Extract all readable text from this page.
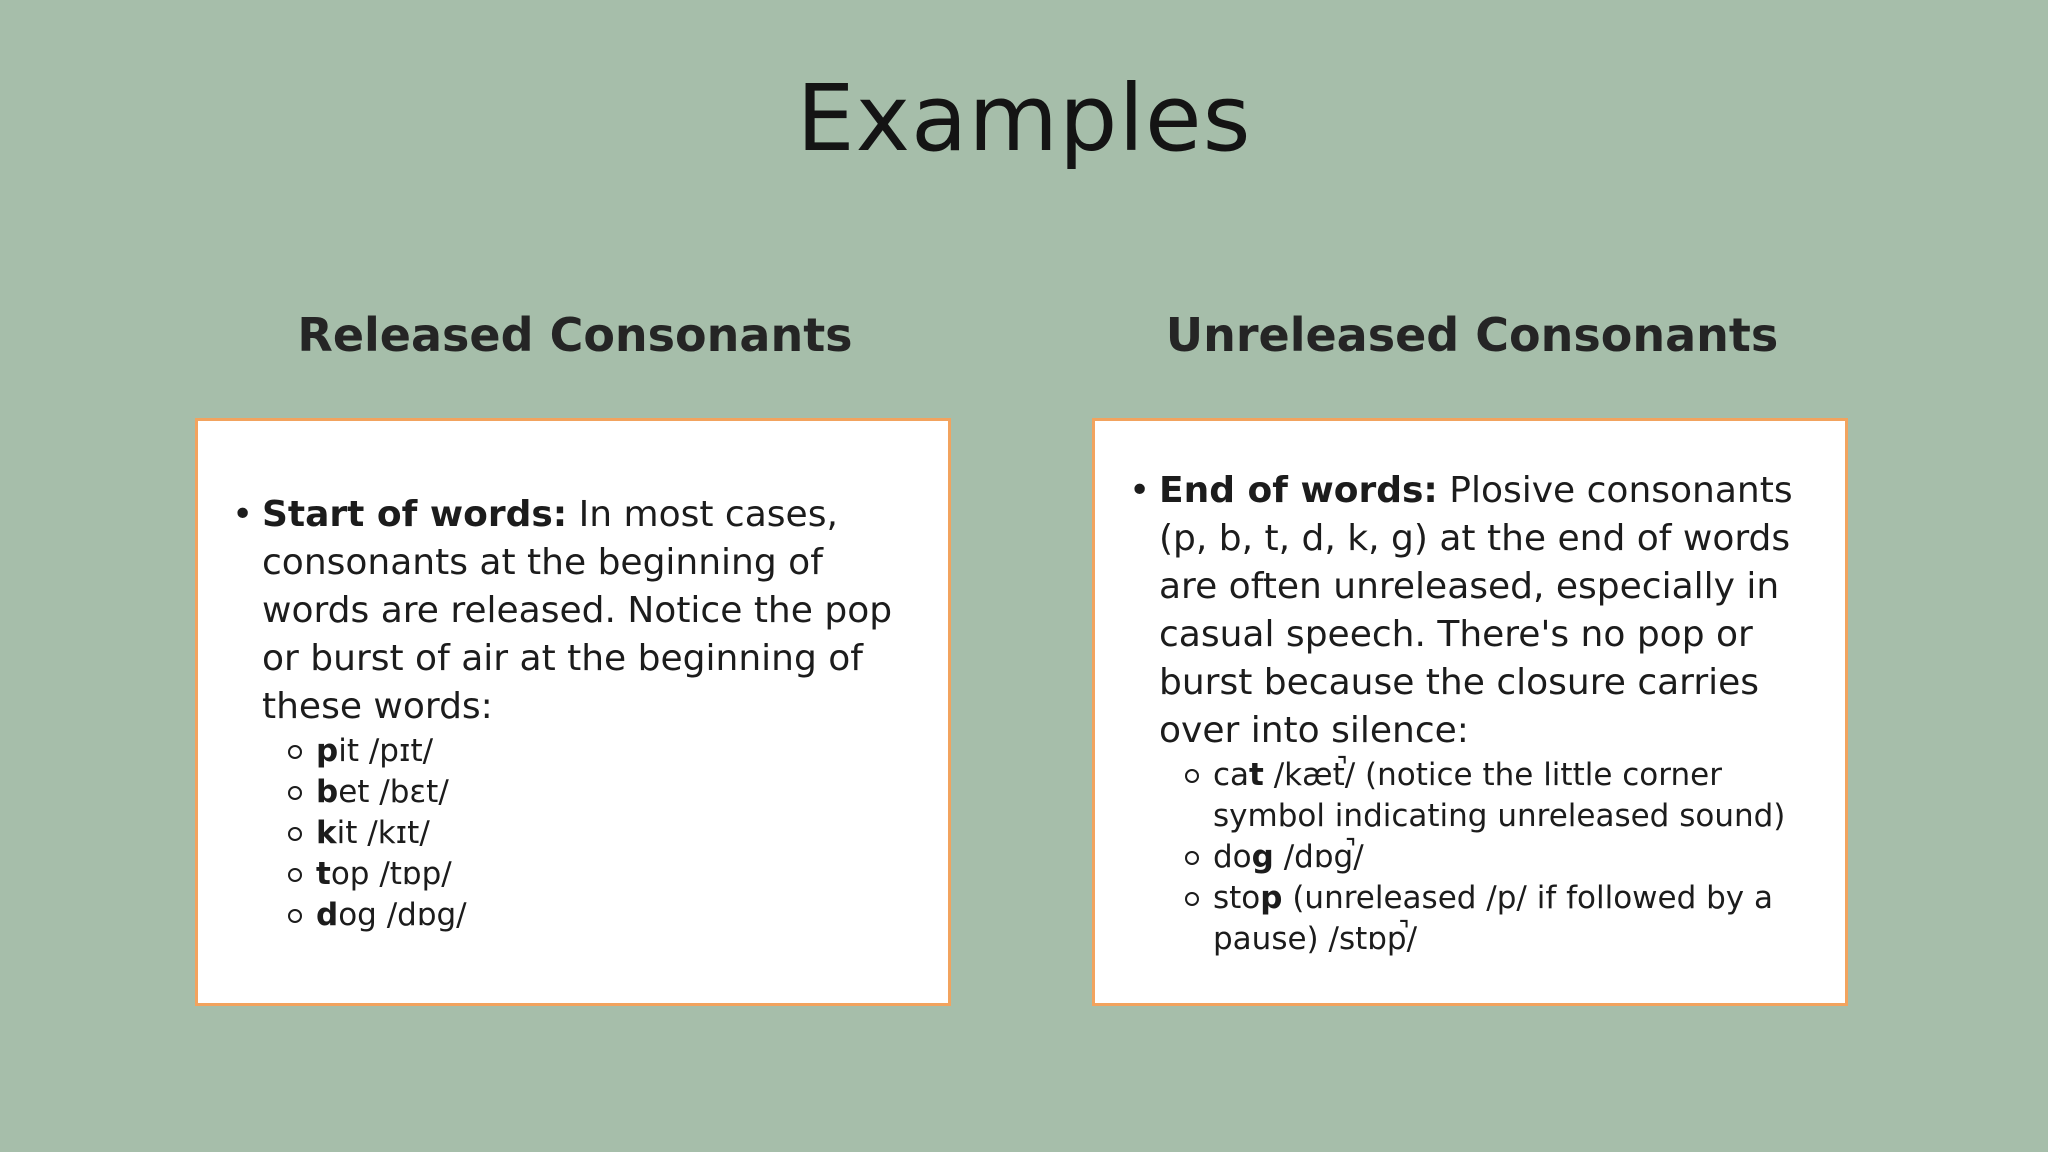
Examples
Released Consonants	Unreleased Consonants
• Start of words: In most cases, consonants at the beginning of words are released. Notice the pop or burst of air at the beginning of these words:
pit /pɪt/
bet /bɛt/
kit /kɪt/
top /tɒp/
dog /dɒg/
• End of words: Plosive consonants (p, b, t, d, k, g) at the end of words are often unreleased, especially in casual speech. There's no pop or burst because the closure carries over into silence:
cat /kæt̚/ (notice the little corner symbol indicating unreleased sound)
dog /dɒg̚/
stop (unreleased /p/ if followed by a pause) /stɒp̚/
